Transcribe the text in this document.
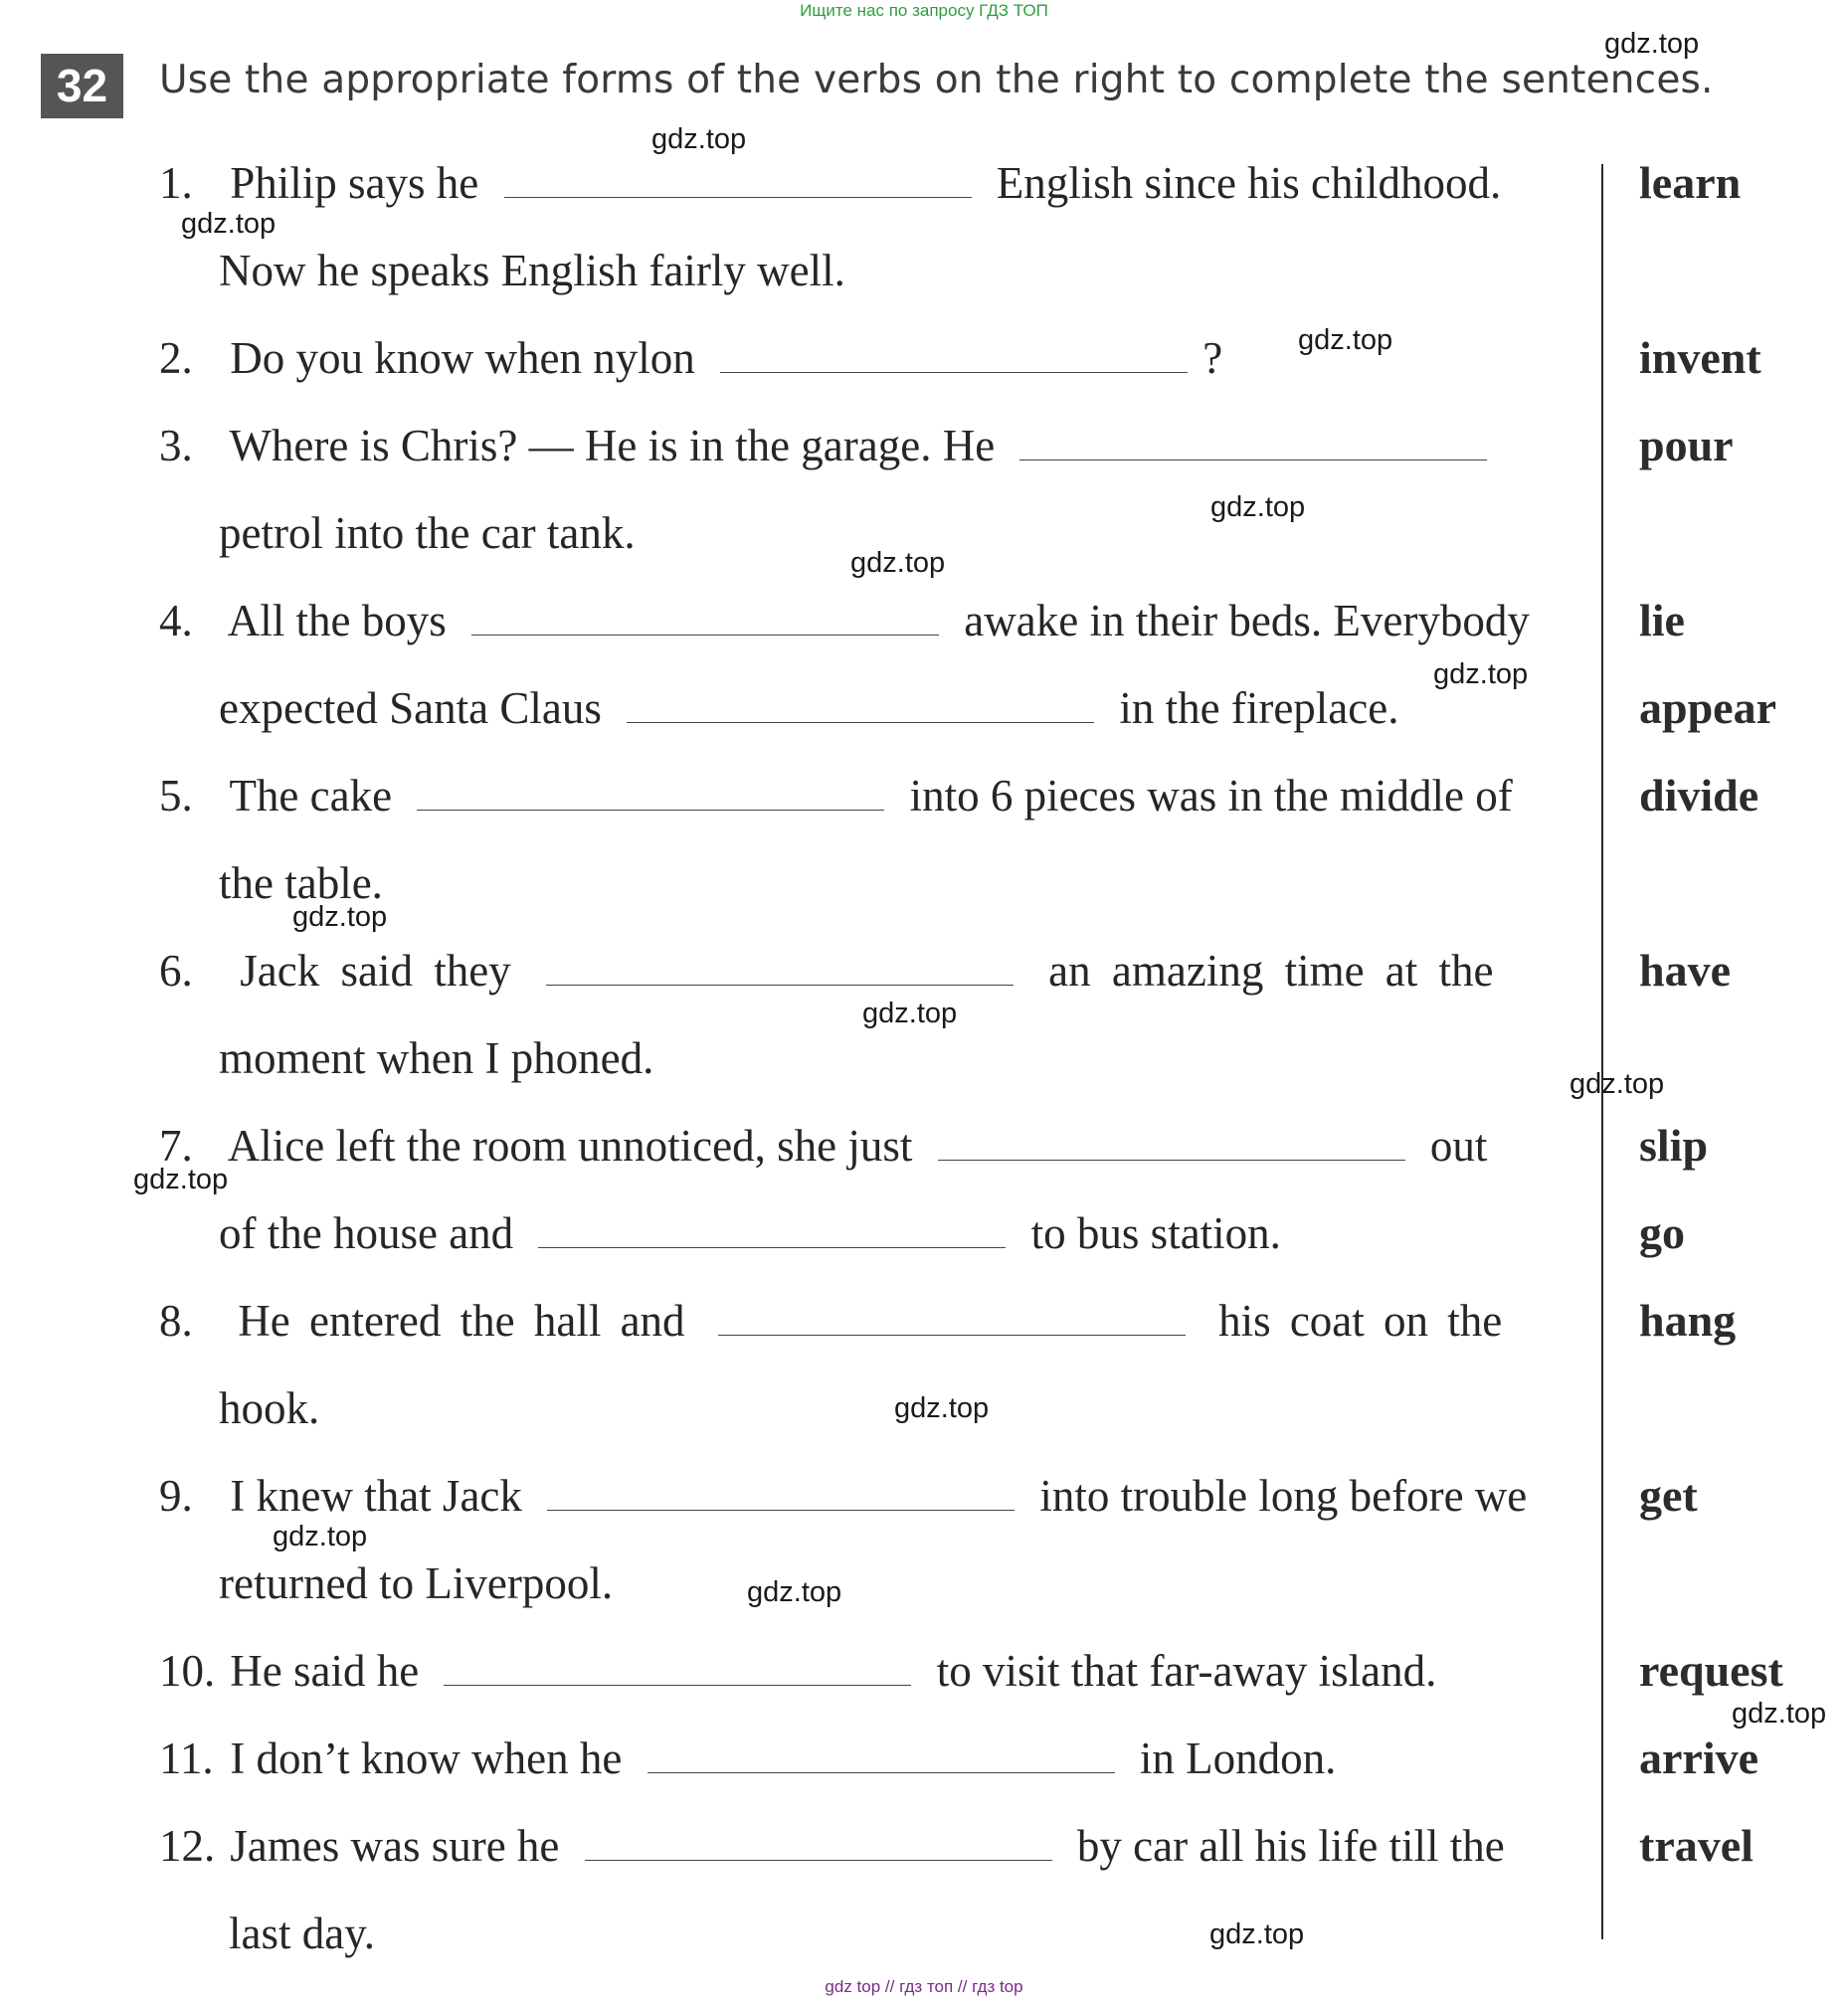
Ищите нас по запросу ГДЗ ТОП
32	Use the appropriate forms of the verbs on the right to complete the sentences.
1. Philip says he	English since his childhood.
Now he speaks English fairly well.
2. Do you know when nylon	?
3. Where is Chris? — He is in the garage. He
petrol into the car tank.
4. All the boys	awake in their beds. Everybody
expected Santa Claus	in the fireplace.
5. The cake	into 6 pieces was in the middle of
the table.
6. Jack said they	an amazing time at the
moment when I phoned.
7. Alice left the room unnoticed, she just	out
of the house and	to bus station.
8. He entered the hall and	his coat on the
hook.
9. I knew that Jack	into trouble long before we
returned to Liverpool.
10. He said he	to visit that far-away island.
11. I don’t know when he	in London.
12. James was sure he	by car all his life till the
last day.
learn
invent
pour
lie
appear
divide
have
slip
go
hang
get
request
arrive
travel
gdz.top
gdz.top
gdz.top
gdz.top
gdz.top
gdz.top
gdz.top
gdz.top
gdz.top
gdz.top
gdz.top
gdz.top
gdz.top
gdz.top
gdz.top
gdz.top
gdz top // гдз топ // гдз top
